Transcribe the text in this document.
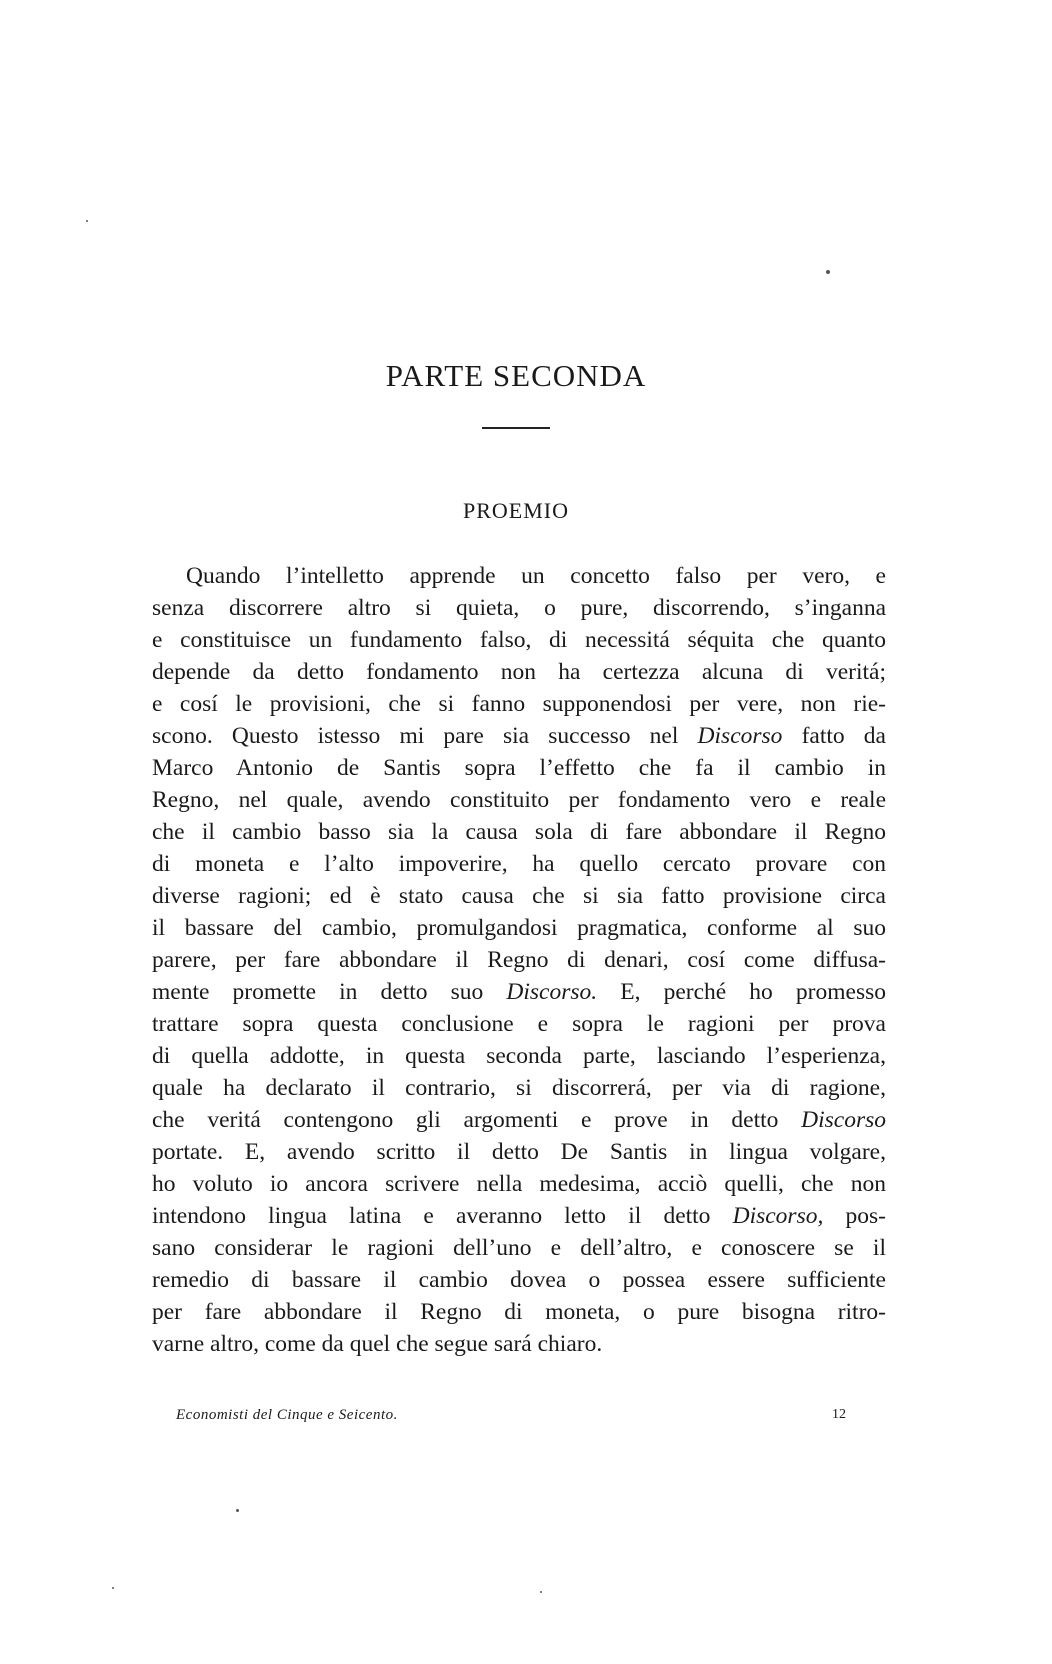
PARTE SECONDA
PROEMIO
Quando l’intelletto apprende un concetto falso per vero, e
senza discorrere altro si quieta, o pure, discorrendo, s’inganna
e constituisce un fundamento falso, di necessitá séquita che quanto
depende da detto fondamento non ha certezza alcuna di veritá;
e cosí le provisioni, che si fanno supponendosi per vere, non rie-
scono. Questo istesso mi pare sia successo nel Discorso fatto da
Marco Antonio de Santis sopra l’effetto che fa il cambio in
Regno, nel quale, avendo constituito per fondamento vero e reale
che il cambio basso sia la causa sola di fare abbondare il Regno
di moneta e l’alto impoverire, ha quello cercato provare con
diverse ragioni; ed è stato causa che si sia fatto provisione circa
il bassare del cambio, promulgandosi pragmatica, conforme al suo
parere, per fare abbondare il Regno di denari, cosí come diffusa-
mente promette in detto suo Discorso. E, perché ho promesso
trattare sopra questa conclusione e sopra le ragioni per prova
di quella addotte, in questa seconda parte, lasciando l’esperienza,
quale ha declarato il contrario, si discorrerá, per via di ragione,
che veritá contengono gli argomenti e prove in detto Discorso
portate. E, avendo scritto il detto De Santis in lingua volgare,
ho voluto io ancora scrivere nella medesima, acciò quelli, che non
intendono lingua latina e averanno letto il detto Discorso, pos-
sano considerar le ragioni dell’uno e dell’altro, e conoscere se il
remedio di bassare il cambio dovea o possea essere sufficiente
per fare abbondare il Regno di moneta, o pure bisogna ritro-
varne altro, come da quel che segue sará chiaro.
Economisti del Cinque e Seicento.	12
